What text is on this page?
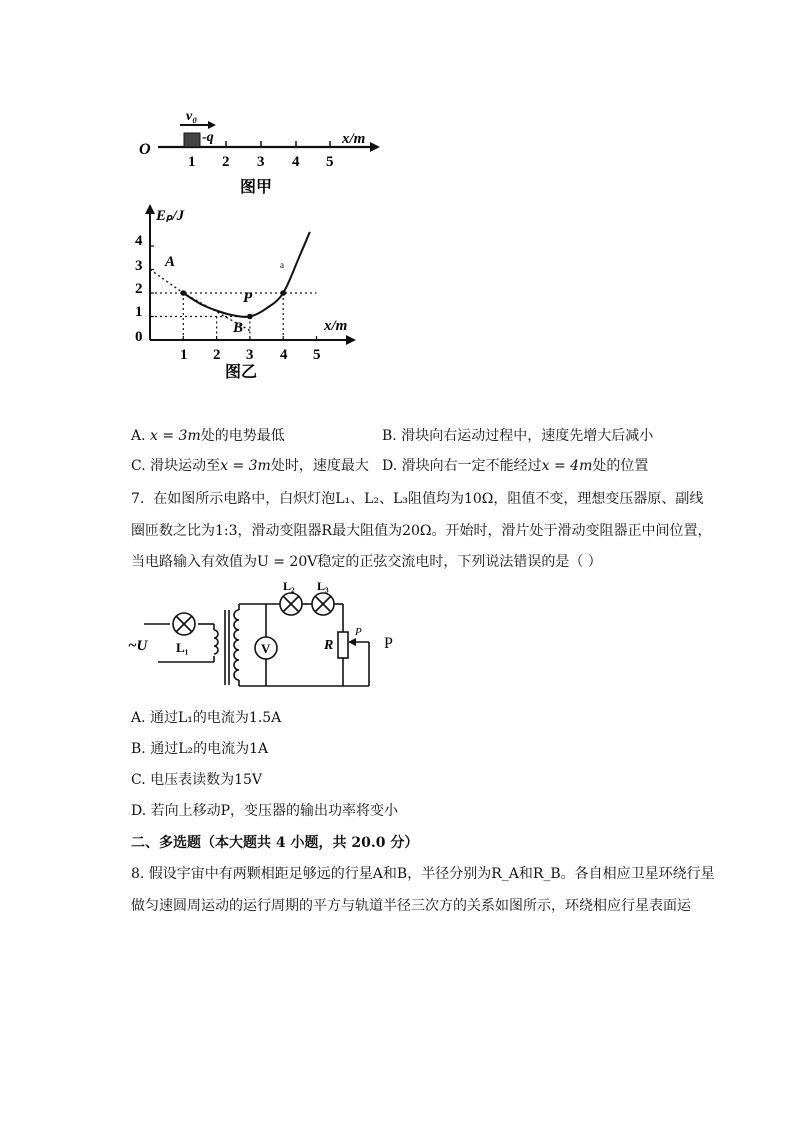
v₀
-q
O
x/m
1 2 3 4 5
图甲
Eₚ/J
x/m
4
3
2
1
0
1 2 3 4 5
A
P
B
a
图乙
A. x = 3m处的电势最低	B. 滑块向右运动过程中，速度先增大后减小
C. 滑块运动至x = 3m处时，速度最大 D. 滑块向右一定不能经过x = 4m处的位置
7. 在如图所示电路中，白炽灯泡L₁、L₂、L₃阻值均为10Ω，阻值不变，理想变压器原、副线
圈匝数之比为1:3，滑动变阻器R最大阻值为20Ω。开始时，滑片处于滑动变阻器正中间位置，
当电路输入有效值为U = 20V稳定的正弦交流电时，下列说法错误的是（ ）
~U L₁
L₂ L₃
V	R
P
P
A. 通过L₁的电流为1.5A
B. 通过L₂的电流为1A
C. 电压表读数为15V
D. 若向上移动P，变压器的输出功率将变小
二、多选题（本大题共 4 小题，共 20.0 分）
8. 假设宇宙中有两颗相距足够远的行星A和B，半径分别为R_A和R_B。各自相应卫星环绕行星
做匀速圆周运动的运行周期的平方与轨道半径三次方的关系如图所示，环绕相应行星表面运
